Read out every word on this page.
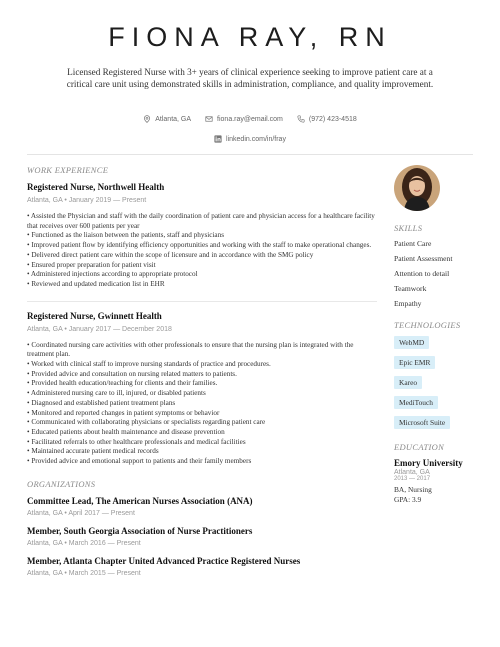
FIONA RAY, RN
Licensed Registered Nurse with 3+ years of clinical experience seeking to improve patient care at a critical care unit using demonstrated skills in administration, compliance, and quality improvement.
Atlanta, GA	fiona.ray@email.com	(972) 423-4518
linkedin.com/in/fray
WORK EXPERIENCE
Registered Nurse, Northwell Health
Atlanta, GA • January 2019 — Present
• Assisted the Physician and staff with the daily coordination of patient care and physician access for a healthcare facility that receives over 600 patients per year
• Functioned as the liaison between the patients, staff and physicians
• Improved patient flow by identifying efficiency opportunities and working with the staff to make operational changes.
• Delivered direct patient care within the scope of licensure and in accordance with the SMG policy
• Ensured proper preparation for patient visit
• Administered injections according to appropriate protocol
• Reviewed and updated medication list in EHR
Registered Nurse, Gwinnett Health
Atlanta, GA • January 2017 — December 2018
• Coordinated nursing care activities with other professionals to ensure that the nursing plan is integrated with the treatment plan.
• Worked with clinical staff to improve nursing standards of practice and procedures.
• Provided advice and consultation on nursing related matters to patients.
• Provided health education/teaching for clients and their families.
• Administered nursing care to ill, injured, or disabled patients
• Diagnosed and established patient treatment plans
• Monitored and reported changes in patient symptoms or behavior
• Communicated with collaborating physicians or specialists regarding patient care
• Educated patients about health maintenance and disease prevention
• Facilitated referrals to other healthcare professionals and medical facilities
• Maintained accurate patient medical records
• Provided advice and emotional support to patients and their family members
ORGANIZATIONS
Committee Lead, The American Nurses Association (ANA)
Atlanta, GA • April 2017 — Present
Member, South Georgia Association of Nurse Practitioners
Atlanta, GA • March 2016 — Present
Member, Atlanta Chapter United Advanced Practice Registered Nurses
Atlanta, GA • March 2015 — Present
SKILLS
Patient Care
Patient Assessment
Attention to detail
Teamwork
Empathy
TECHNOLOGIES
WebMD
Epic EMR
Kareo
MediTouch
Microsoft Suite
EDUCATION
Emory University
Atlanta, GA
2013 — 2017
BA, Nursing
GPA: 3.9
